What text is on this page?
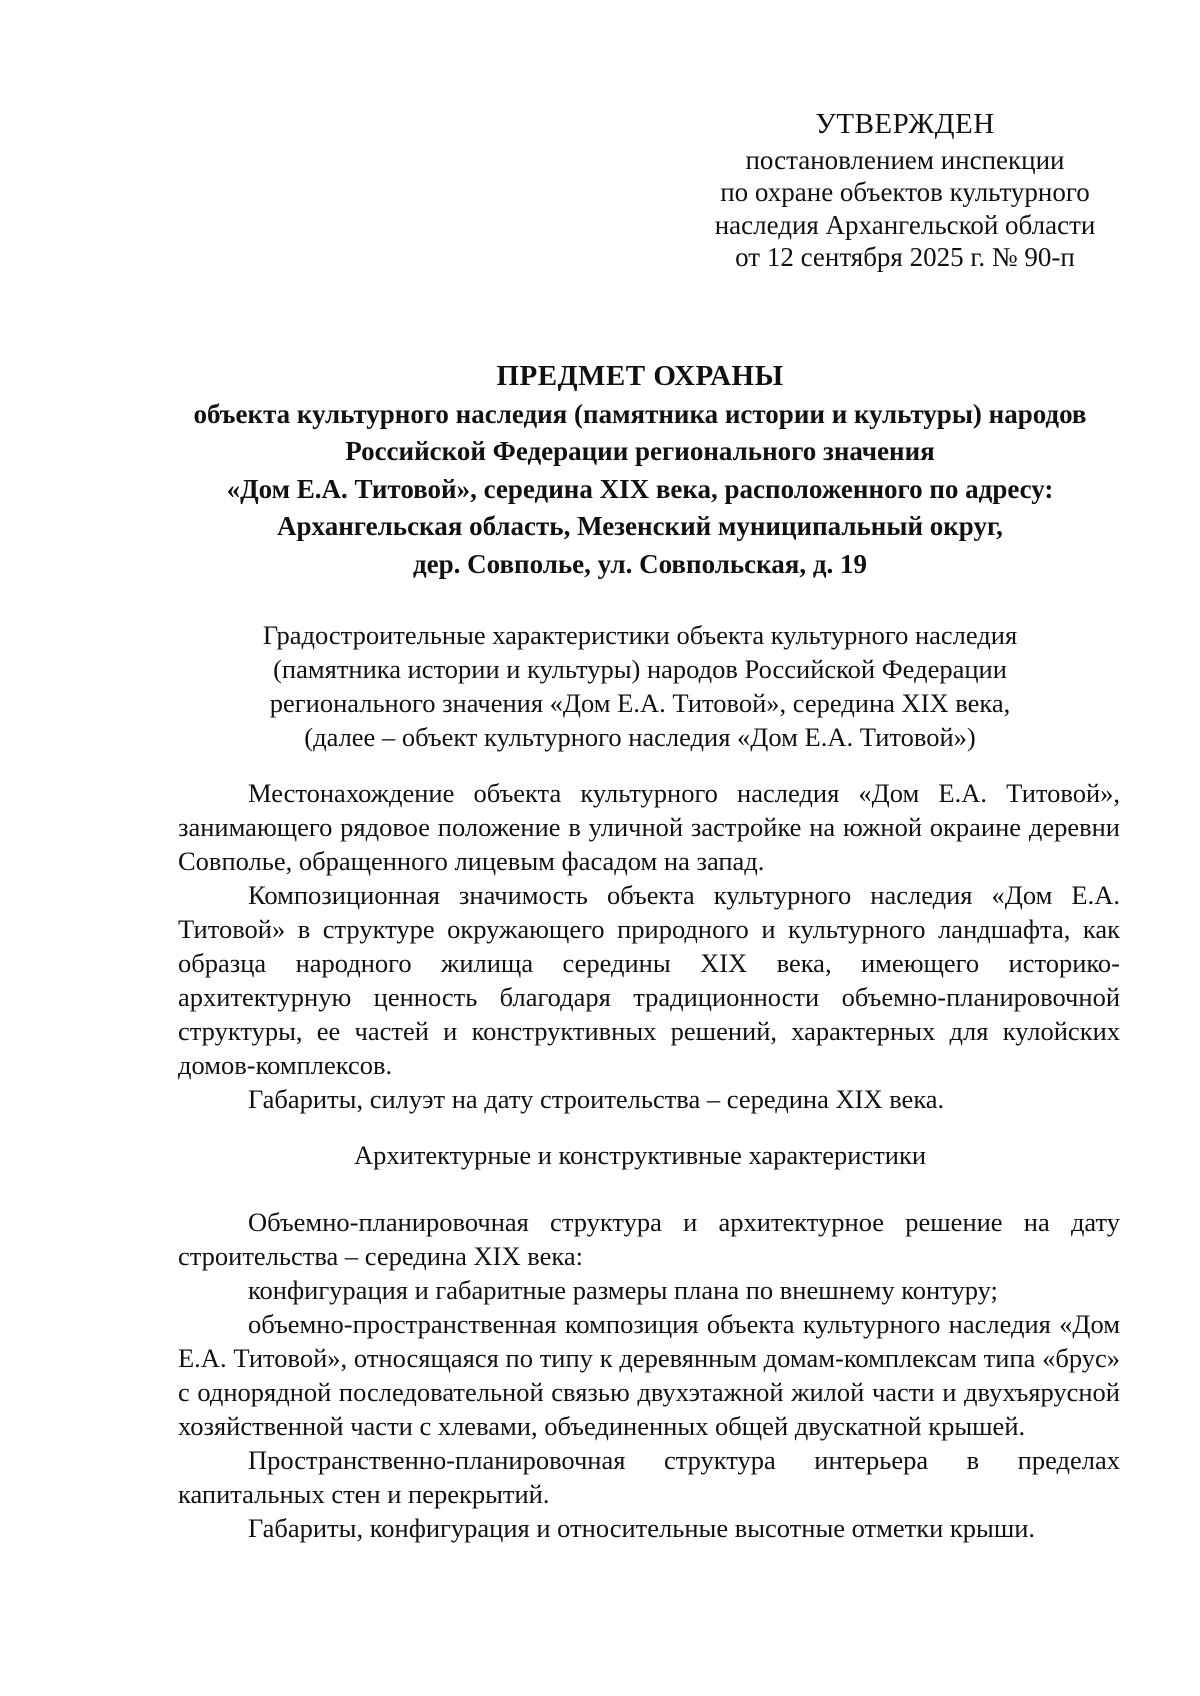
УТВЕРЖДЕН
постановлением инспекции
по охране объектов культурного
наследия Архангельской области
от 12 сентября 2025 г. № 90-п
ПРЕДМЕТ ОХРАНЫ
объекта культурного наследия (памятника истории и культуры) народов
Российской Федерации регионального значения
«Дом Е.А. Титовой», середина XIX века, расположенного по адресу:
Архангельская область, Мезенский муниципальный округ,
дер. Совполье, ул. Совпольская, д. 19
Градостроительные характеристики объекта культурного наследия
(памятника истории и культуры) народов Российской Федерации
регионального значения «Дом Е.А. Титовой», середина XIX века,
(далее – объект культурного наследия «Дом Е.А. Титовой»)

Местонахождение объекта культурного наследия «Дом Е.А. Титовой», занимающего рядовое положение в уличной застройке на южной окраине деревни Совполье, обращенного лицевым фасадом на запад.

Композиционная значимость объекта культурного наследия «Дом Е.А. Титовой» в структуре окружающего природного и культурного ландшафта, как образца народного жилища середины XIX века, имеющего историко-архитектурную ценность благодаря традиционности объемно-планировочной структуры, ее частей и конструктивных решений, характерных для кулойских домов-комплексов.

Габариты, силуэт на дату строительства – середина XIX века.

Архитектурные и конструктивные характеристики

Объемно-планировочная структура и архитектурное решение на дату строительства – середина XIX века:

конфигурация и габаритные размеры плана по внешнему контуру;

объемно-пространственная композиция объекта культурного наследия «Дом Е.А. Титовой», относящаяся по типу к деревянным домам-комплексам типа «брус» с однорядной последовательной связью двухэтажной жилой части и двухъярусной хозяйственной части с хлевами, объединенных общей двускатной крышей.

Пространственно-планировочная структура интерьера в пределах капитальных стен и перекрытий.

Габариты, конфигурация и относительные высотные отметки крыши.
